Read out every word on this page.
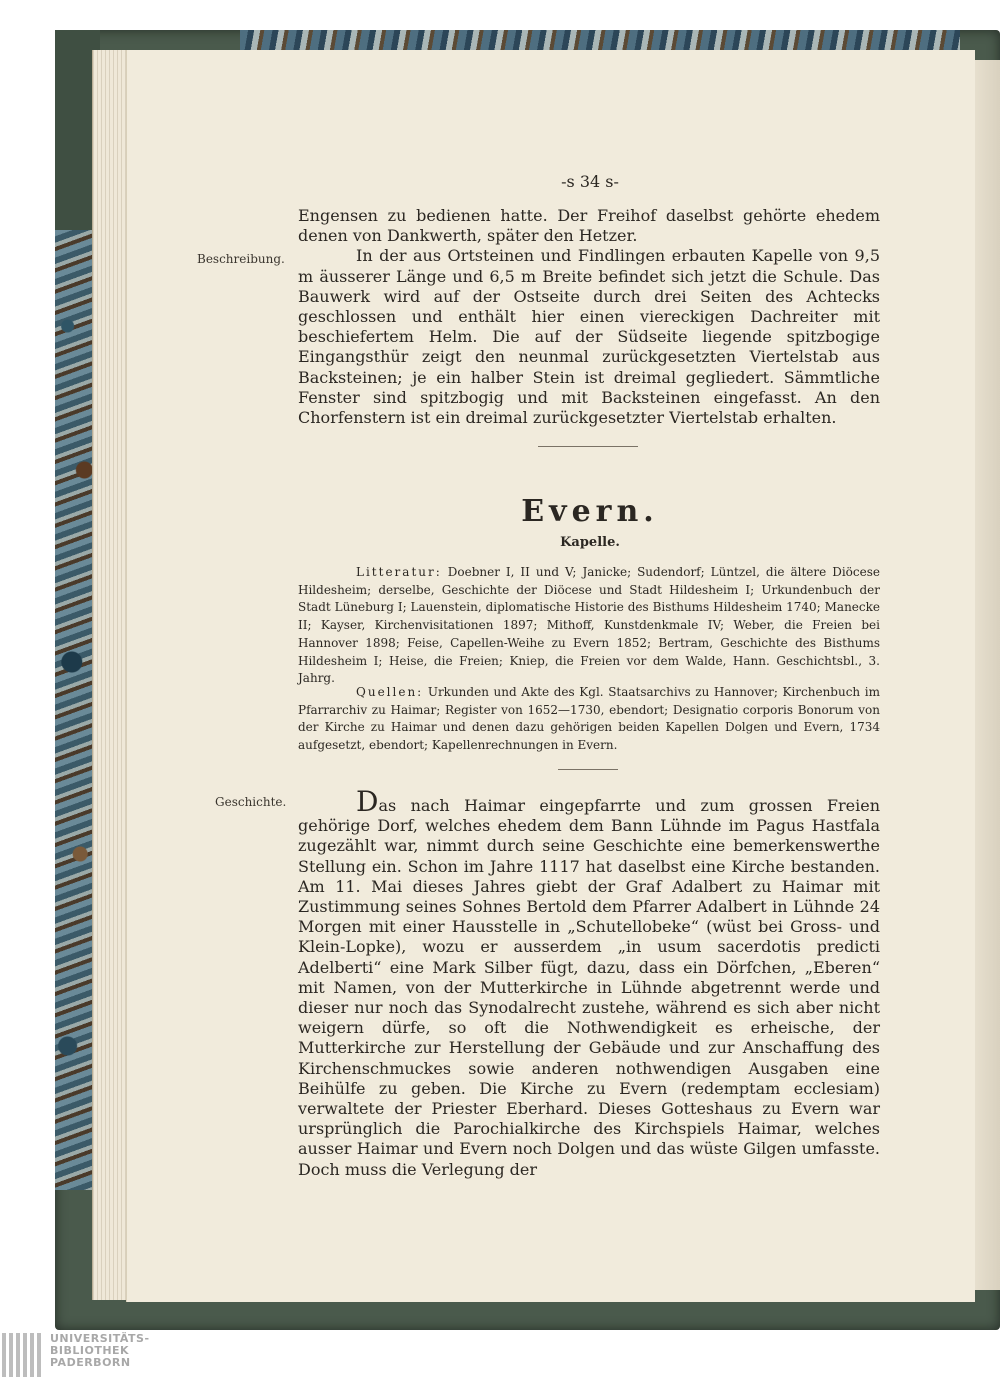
-s 34 s-
Engensen zu bedienen hatte. Der Freihof daselbst gehörte ehedem denen von Dankwerth, später den Hetzer.
In der aus Ortsteinen und Findlingen erbauten Kapelle von 9,5 m äusserer Länge und 6,5 m Breite befindet sich jetzt die Schule. Das Bauwerk wird auf der Ostseite durch drei Seiten des Achtecks geschlossen und enthält hier einen viereckigen Dachreiter mit beschiefertem Helm. Die auf der Südseite liegende spitzbogige Eingangsthür zeigt den neunmal zurückgesetzten Viertelstab aus Backsteinen; je ein halber Stein ist dreimal gegliedert. Sämmtliche Fenster sind spitzbogig und mit Backsteinen eingefasst. An den Chorfenstern ist ein dreimal zurückgesetzter Viertelstab erhalten.
Beschreibung.
Evern.
Kapelle.
Litteratur: Doebner I, II und V; Janicke; Sudendorf; Lüntzel, die ältere Diöcese Hildesheim; derselbe, Geschichte der Diöcese und Stadt Hildesheim I; Urkundenbuch der Stadt Lüneburg I; Lauenstein, diplomatische Historie des Bisthums Hildesheim 1740; Manecke II; Kayser, Kirchenvisitationen 1897; Mithoff, Kunstdenkmale IV; Weber, die Freien bei Hannover 1898; Feise, Capellen-Weihe zu Evern 1852; Bertram, Geschichte des Bisthums Hildesheim I; Heise, die Freien; Kniep, die Freien vor dem Walde, Hann. Geschichtsbl., 3. Jahrg.
Quellen: Urkunden und Akte des Kgl. Staatsarchivs zu Hannover; Kirchenbuch im Pfarrarchiv zu Haimar; Register von 1652—1730, ebendort; Designatio corporis Bonorum von der Kirche zu Haimar und denen dazu gehörigen beiden Kapellen Dolgen und Evern, 1734 aufgesetzt, ebendort; Kapellenrechnungen in Evern.
Geschichte.	Das nach Haimar eingepfarrte und zum grossen Freien gehörige Dorf, welches ehedem dem Bann Lühnde im Pagus Hastfala zugezählt war, nimmt durch seine Geschichte eine bemerkenswerthe Stellung ein. Schon im Jahre 1117 hat daselbst eine Kirche bestanden. Am 11. Mai dieses Jahres giebt der Graf Adalbert zu Haimar mit Zustimmung seines Sohnes Bertold dem Pfarrer Adalbert in Lühnde 24 Morgen mit einer Hausstelle in „Schutellobeke“ (wüst bei Gross- und Klein-Lopke), wozu er ausserdem „in usum sacerdotis predicti Adelberti“ eine Mark Silber fügt, dazu, dass ein Dörfchen, „Eberen“ mit Namen, von der Mutterkirche in Lühnde abgetrennt werde und dieser nur noch das Synodalrecht zustehe, während es sich aber nicht weigern dürfe, so oft die Nothwendigkeit es erheische, der Mutterkirche zur Herstellung der Gebäude und zur Anschaffung des Kirchenschmuckes sowie anderen nothwendigen Ausgaben eine Beihülfe zu geben. Die Kirche zu Evern (redemptam ecclesiam) verwaltete der Priester Eberhard. Dieses Gotteshaus zu Evern war ursprünglich die Parochialkirche des Kirchspiels Haimar, welches ausser Haimar und Evern noch Dolgen und das wüste Gilgen umfasste. Doch muss die Verlegung der
UNIVERSITÄTS-
BIBLIOTHEK
PADERBORN
